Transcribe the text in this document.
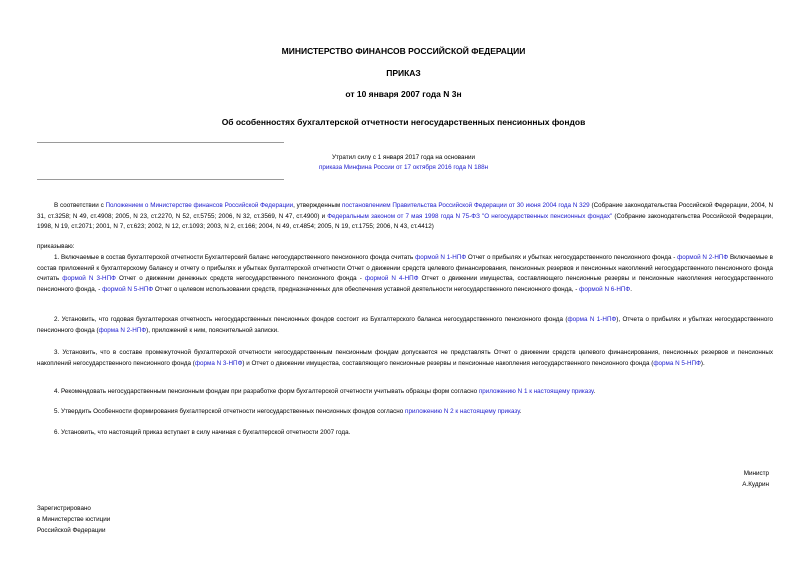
МИНИСТЕРСТВО ФИНАНСОВ РОССИЙСКОЙ ФЕДЕРАЦИИ
ПРИКАЗ
от 10 января 2007 года N 3н
Об особенностях бухгалтерской отчетности негосударственных пенсионных фондов
Утратил силу с 1 января 2017 года на основании
приказа Минфина России от 17 октября 2016 года N 188н
В соответствии с Положением о Министерстве финансов Российской Федерации, утвержденным постановлением Правительства Российской Федерации от 30 июня 2004 года N 329 (Собрание законодательства Российской Федерации, 2004, N 31, ст.3258; N 49, ст.4908; 2005, N 23, ст.2270, N 52, ст.5755; 2006, N 32, ст.3569, N 47, ст.4900) и Федеральным законом от 7 мая 1998 года N 75-ФЗ "О негосударственных пенсионных фондах" (Собрание законодательства Российской Федерации, 1998, N 19, ст.2071; 2001, N 7, ст.623; 2002, N 12, ст.1093; 2003, N 2, ст.166; 2004, N 49, ст.4854; 2005, N 19, ст.1755; 2006, N 43, ст.4412)
приказываю:
1. Включаемые в состав бухгалтерской отчетности Бухгалтерский баланс негосударственного пенсионного фонда считать формой N 1-НПФ Отчет о прибылях и убытках негосударственного пенсионного фонда - формой N 2-НПФ Включаемые в состав приложений к бухгалтерскому балансу и отчету о прибылях и убытках бухгалтерской отчетности Отчет о движении средств целевого финансирования, пенсионных резервов и пенсионных накоплений негосударственного пенсионного фонда считать формой N 3-НПФ Отчет о движении денежных средств негосударственного пенсионного фонда - формой N 4-НПФ Отчет о движении имущества, составляющего пенсионные резервы и пенсионные накопления негосударственного пенсионного фонда, - формой N 5-НПФ Отчет о целевом использовании средств, предназначенных для обеспечения уставной деятельности негосударственного пенсионного фонда, - формой N 6-НПФ.
2. Установить, что годовая бухгалтерская отчетность негосударственных пенсионных фондов состоит из Бухгалтерского баланса негосударственного пенсионного фонда (форма N 1-НПФ), Отчета о прибылях и убытках негосударственного пенсионного фонда (форма N 2-НПФ), приложений к ним, пояснительной записки.
3. Установить, что в составе промежуточной бухгалтерской отчетности негосударственным пенсионным фондам допускается не представлять Отчет о движении средств целевого финансирования, пенсионных резервов и пенсионных накоплений негосударственного пенсионного фонда (форма N 3-НПФ) и Отчет о движении имущества, составляющего пенсионные резервы и пенсионные накопления негосударственного пенсионного фонда (форма N 5-НПФ).
4. Рекомендовать негосударственным пенсионным фондам при разработке форм бухгалтерской отчетности учитывать образцы форм согласно приложению N 1 к настоящему приказу.
5. Утвердить Особенности формирования бухгалтерской отчетности негосударственных пенсионных фондов согласно приложению N 2 к настоящему приказу.
6. Установить, что настоящий приказ вступает в силу начиная с бухгалтерской отчетности 2007 года.
Министр
А.Кудрин
Зарегистрировано
в Министерстве юстиции
Российской Федерации
